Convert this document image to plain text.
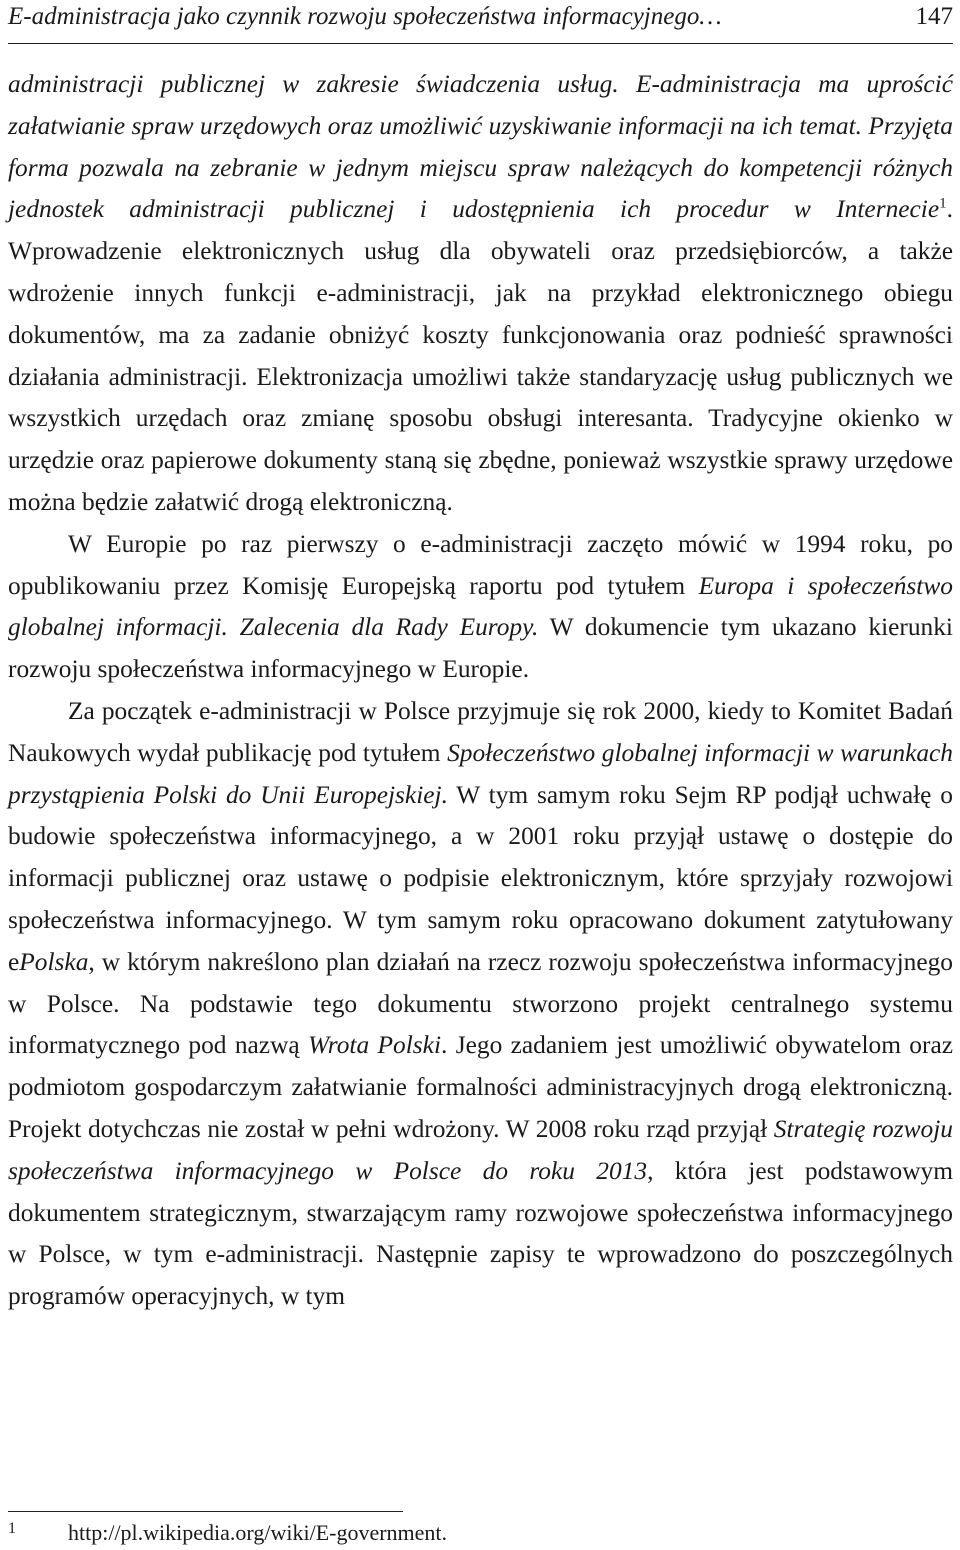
E-administracja jako czynnik rozwoju społeczeństwa informacyjnego…	147

administracji publicznej w zakresie świadczenia usług. E-administracja ma uprościć załatwianie spraw urzędowych oraz umożliwić uzyskiwanie informacji na ich temat. Przyjęta forma pozwala na zebranie w jednym miejscu spraw należących do kompetencji różnych jednostek administracji publicznej i udostępnienia ich procedur w Internecie$^1$. Wprowadzenie elektronicznych usług dla obywateli oraz przedsiębiorców, a także wdrożenie innych funkcji e-administracji, jak na przykład elektronicznego obiegu dokumentów, ma za zadanie obniżyć koszty funkcjonowania oraz podnieść sprawności działania administracji. Elektronizacja umożliwi także standaryzację usług publicznych we wszystkich urzędach oraz zmianę sposobu obsługi interesanta. Tradycyjne okienko w urzędzie oraz papierowe dokumenty staną się zbędne, ponieważ wszystkie sprawy urzędowe można będzie załatwić drogą elektroniczną.

W Europie po raz pierwszy o e-administracji zaczęto mówić w 1994 roku, po opublikowaniu przez Komisję Europejską raportu pod tytułem Europa i społeczeństwo globalnej informacji. Zalecenia dla Rady Europy. W dokumencie tym ukazano kierunki rozwoju społeczeństwa informacyjnego w Europie.

Za początek e-administracji w Polsce przyjmuje się rok 2000, kiedy to Komitet Badań Naukowych wydał publikację pod tytułem Społeczeństwo globalnej informacji w warunkach przystąpienia Polski do Unii Europejskiej. W tym samym roku Sejm RP podjął uchwałę o budowie społeczeństwa informacyjnego, a w 2001 roku przyjął ustawę o dostępie do informacji publicznej oraz ustawę o podpisie elektronicznym, które sprzyjały rozwojowi społeczeństwa informacyjnego. W tym samym roku opracowano dokument zatytułowany ePolska, w którym nakreślono plan działań na rzecz rozwoju społeczeństwa informacyjnego w Polsce. Na podstawie tego dokumentu stworzono projekt centralnego systemu informatycznego pod nazwą Wrota Polski. Jego zadaniem jest umożliwić obywatelom oraz podmiotom gospodarczym załatwianie formalności administracyjnych drogą elektroniczną. Projekt dotychczas nie został w pełni wdrożony. W 2008 roku rząd przyjął Strategię rozwoju społeczeństwa informacyjnego w Polsce do roku 2013, która jest podstawowym dokumentem strategicznym, stwarzającym ramy rozwojowe społeczeństwa informacyjnego w Polsce, w tym e-administracji. Następnie zapisy te wprowadzono do poszczególnych programów operacyjnych, w tym

1 http://pl.wikipedia.org/wiki/E-government.
